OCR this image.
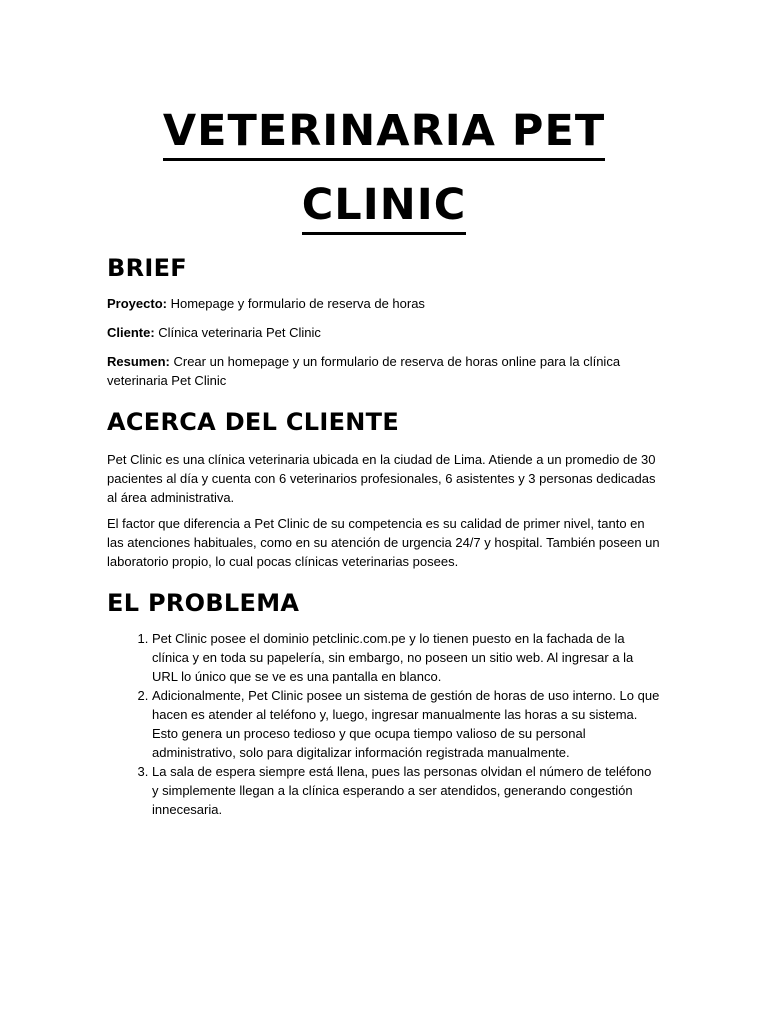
VETERINARIA PET
CLINIC
BRIEF

Proyecto: Homepage y formulario de reserva de horas

Cliente: Clínica veterinaria Pet Clinic

Resumen: Crear un homepage y un formulario de reserva de horas online para la clínica veterinaria Pet Clinic

ACERCA DEL CLIENTE

Pet Clinic es una clínica veterinaria ubicada en la ciudad de Lima. Atiende a un promedio de 30 pacientes al día y cuenta con 6 veterinarios profesionales, 6 asistentes y 3 personas dedicadas al área administrativa.

El factor que diferencia a Pet Clinic de su competencia es su calidad de primer nivel, tanto en las atenciones habituales, como en su atención de urgencia 24/7 y hospital. También poseen un laboratorio propio, lo cual pocas clínicas veterinarias posees.

EL PROBLEMA
1. Pet Clinic posee el dominio petclinic.com.pe y lo tienen puesto en la fachada de la clínica y en toda su papelería, sin embargo, no poseen un sitio web. Al ingresar a la URL lo único que se ve es una pantalla en blanco.
2. Adicionalmente, Pet Clinic posee un sistema de gestión de horas de uso interno. Lo que hacen es atender al teléfono y, luego, ingresar manualmente las horas a su sistema. Esto genera un proceso tedioso y que ocupa tiempo valioso de su personal administrativo, solo para digitalizar información registrada manualmente.
3. La sala de espera siempre está llena, pues las personas olvidan el número de teléfono y simplemente llegan a la clínica esperando a ser atendidos, generando congestión innecesaria.
